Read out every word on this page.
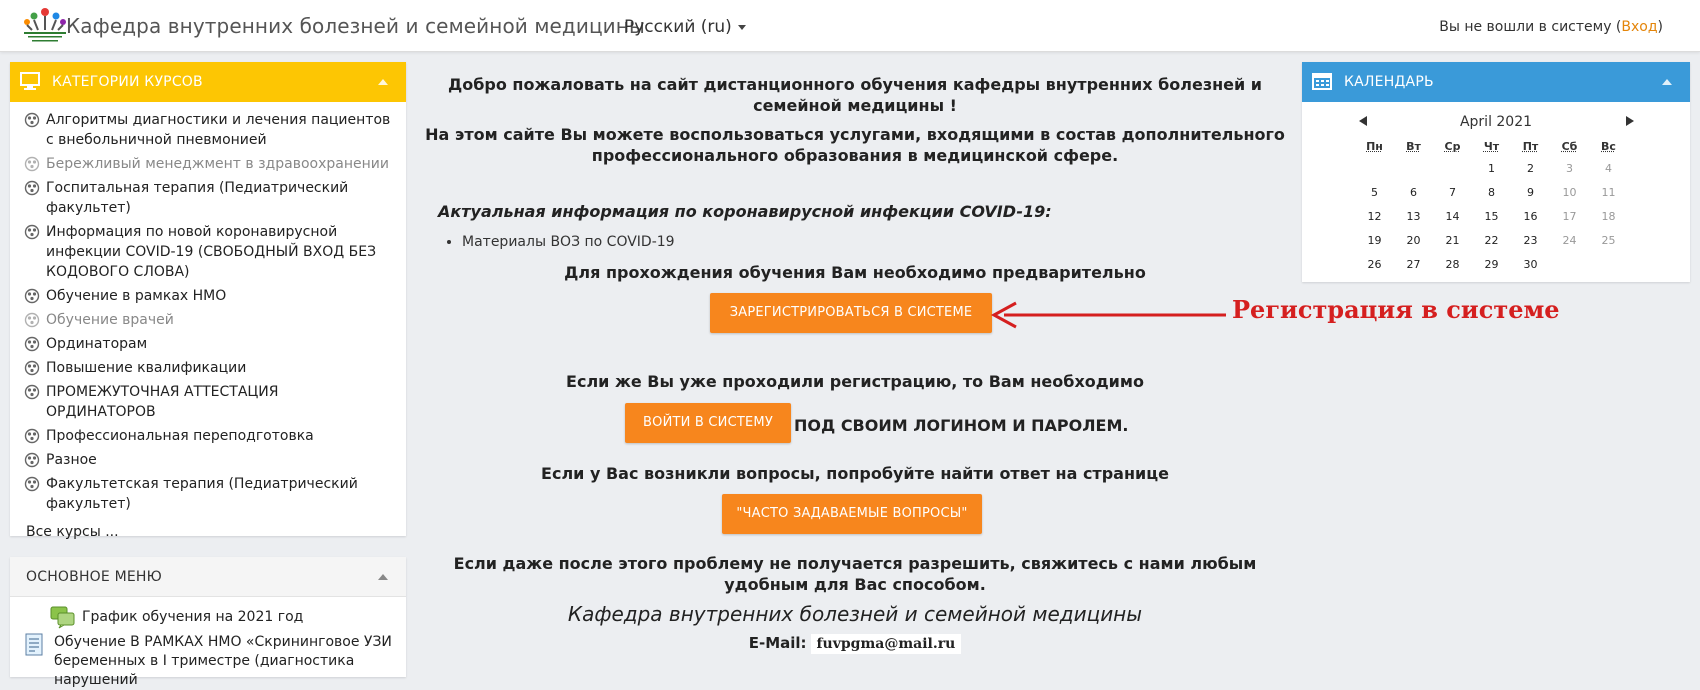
Кафедра внутренних болезней и семейной медицины
Русский (ru)	Вы не вошли в систему (Вход)
КАТЕГОРИИ КУРСОВ
Алгоритмы диагностики и лечения пациентов с внебольничной пневмонией
Бережливый менеджмент в здравоохранении
Госпитальная терапия (Педиатрический факультет)
Информация по новой коронавирусной инфекции COVID-19 (СВОБОДНЫЙ ВХОД БЕЗ КОДОВОГО СЛОВА)
Обучение в рамках НМО
Обучение врачей
Ординаторам
Повышение квалификации
ПРОМЕЖУТОЧНАЯ АТТЕСТАЦИЯ ОРДИНАТОРОВ
Профессиональная переподготовка
Разное
Факультетская терапия (Педиатрический факультет)
Все курсы ...
ОСНОВНОЕ МЕНЮ
График обучения на 2021 год
Обучение В РАМКАХ НМО «Скрининговое УЗИ беременных в I триместре (диагностика нарушений
КАЛЕНДАРЬ
April 2021
Пн	Вт	Ср	Чт	Пт	Сб	Вс
			1	2	3	4
5	6	7	8	9	10	11
12	13	14	15	16	17	18
19	20	21	22	23	24	25
26	27	28	29	30		
Добро пожаловать на сайт дистанционного обучения кафедры внутренних болезней и семейной медицины !
На этом сайте Вы можете воспользоваться услугами, входящими в состав дополнительного профессионального образования в медицинской сфере.
Актуальная информация по коронавирусной инфекции COVID-19:
• Материалы ВОЗ по COVID-19
Для прохождения обучения Вам необходимо предварительно
ЗАРЕГИСТРИРОВАТЬСЯ В СИСТЕМЕ
Если же Вы уже проходили регистрацию, то Вам необходимо
ВОЙТИ В СИСТЕМУ	ПОД СВОИМ ЛОГИНОМ И ПАРОЛЕМ.
Если у Вас возникли вопросы, попробуйте найти ответ на странице
"ЧАСТО ЗАДАВАЕМЫЕ ВОПРОСЫ"
Если даже после этого проблему не получается разрешить, свяжитесь с нами любым удобным для Вас способом.
Кафедра внутренних болезней и семейной медицины
E-Mail: fuvpgma@mail.ru
Регистрация в системе
